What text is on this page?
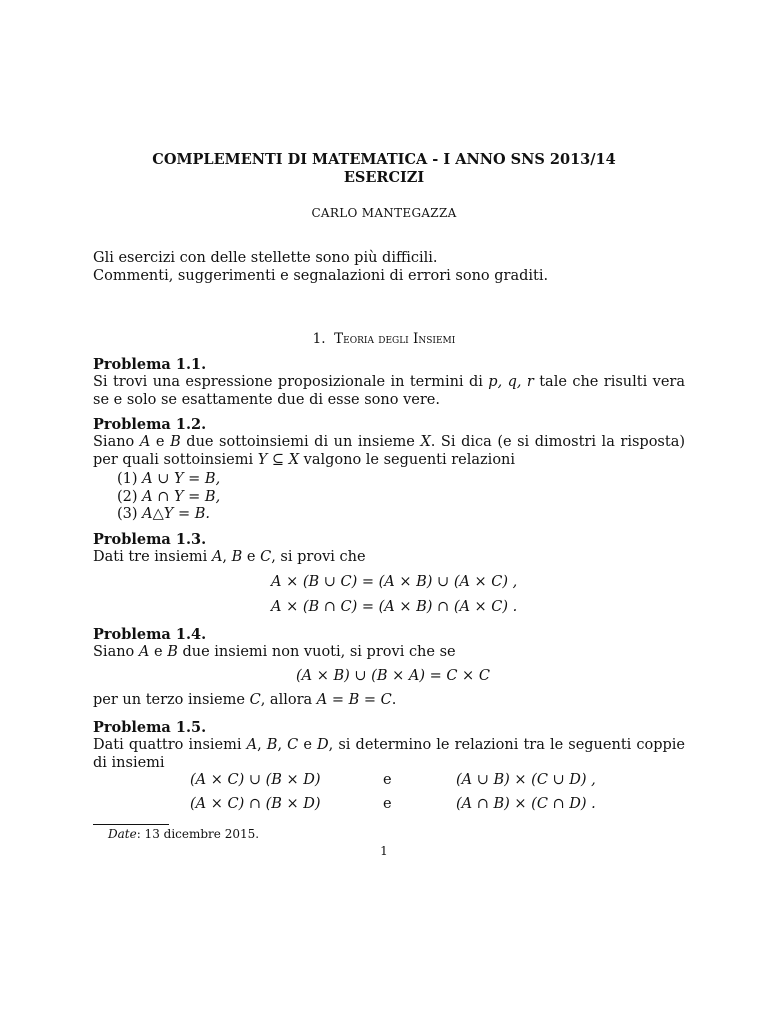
COMPLEMENTI DI MATEMATICA - I ANNO SNS 2013/14
ESERCIZI
CARLO MANTEGAZZA
Gli esercizi con delle stellette sono più difficili.
Commenti, suggerimenti e segnalazioni di errori sono graditi.
1. Teoria degli Insiemi
Problema 1.1.
Si trovi una espressione proposizionale in termini di p, q, r tale che risulti vera se e solo se esattamente due di esse sono vere.
Problema 1.2.
Siano A e B due sottoinsiemi di un insieme X. Si dica (e si dimostri la risposta) per quali sottoinsiemi Y ⊆ X valgono le seguenti relazioni
(1) A ∪ Y = B,
(2) A ∩ Y = B,
(3) A△Y = B.
Problema 1.3.
Dati tre insiemi A, B e C, si provi che
A × (B ∪ C) = (A × B) ∪ (A × C) ,
A × (B ∩ C) = (A × B) ∩ (A × C) .
Problema 1.4.
Siano A e B due insiemi non vuoti, si provi che se
(A × B) ∪ (B × A) = C × C
per un terzo insieme C, allora A = B = C.
Problema 1.5.
Dati quattro insiemi A, B, C e D, si determino le relazioni tra le seguenti coppie di insiemi
(A × C) ∪ (B × D)	e	(A ∪ B) × (C ∪ D) ,
(A × C) ∩ (B × D)	e	(A ∩ B) × (C ∩ D) .
Date: 13 dicembre 2015.
1
